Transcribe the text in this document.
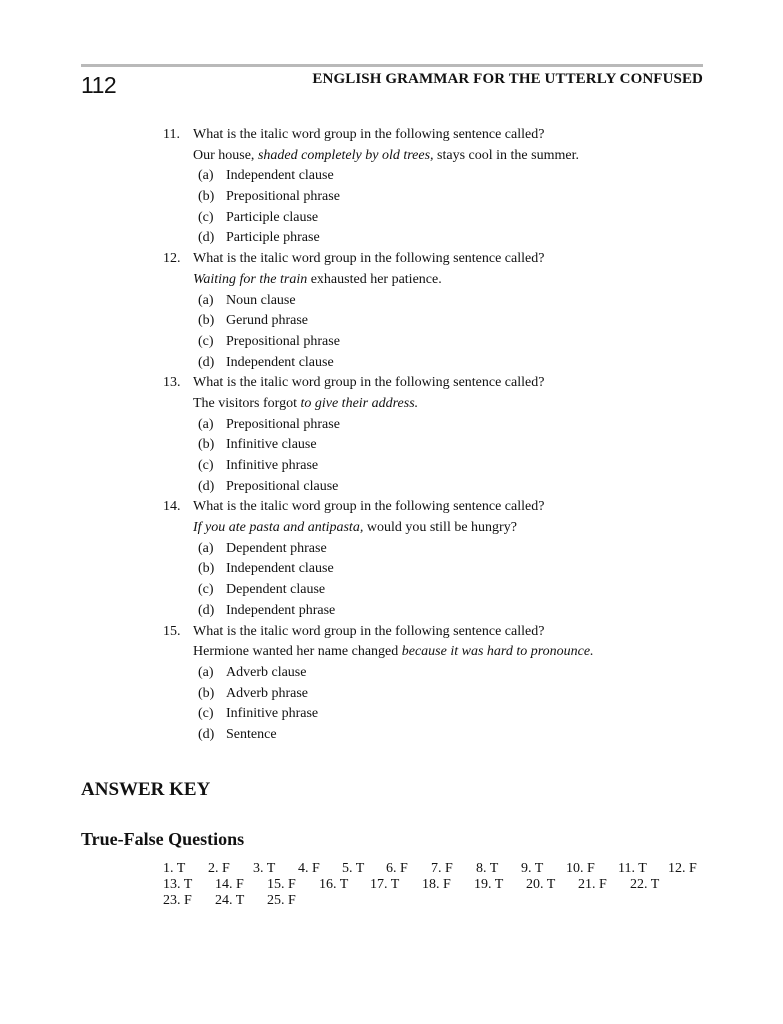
112	ENGLISH GRAMMAR FOR THE UTTERLY CONFUSED
11. What is the italic word group in the following sentence called?
Our house, shaded completely by old trees, stays cool in the summer.
(a) Independent clause
(b) Prepositional phrase
(c) Participle clause
(d) Participle phrase
12. What is the italic word group in the following sentence called?
Waiting for the train exhausted her patience.
(a) Noun clause
(b) Gerund phrase
(c) Prepositional phrase
(d) Independent clause
13. What is the italic word group in the following sentence called?
The visitors forgot to give their address.
(a) Prepositional phrase
(b) Infinitive clause
(c) Infinitive phrase
(d) Prepositional clause
14. What is the italic word group in the following sentence called?
If you ate pasta and antipasta, would you still be hungry?
(a) Dependent phrase
(b) Independent clause
(c) Dependent clause
(d) Independent phrase
15. What is the italic word group in the following sentence called?
Hermione wanted her name changed because it was hard to pronounce.
(a) Adverb clause
(b) Adverb phrase
(c) Infinitive phrase
(d) Sentence
ANSWER KEY
True-False Questions
1. T 2. F 3. T 4. F 5. T 6. F 7. F 8. T 9. T 10. F 11. T 12. F
13. T 14. F 15. F 16. T 17. T 18. F 19. T 20. T 21. F 22. T
23. F 24. T 25. F
